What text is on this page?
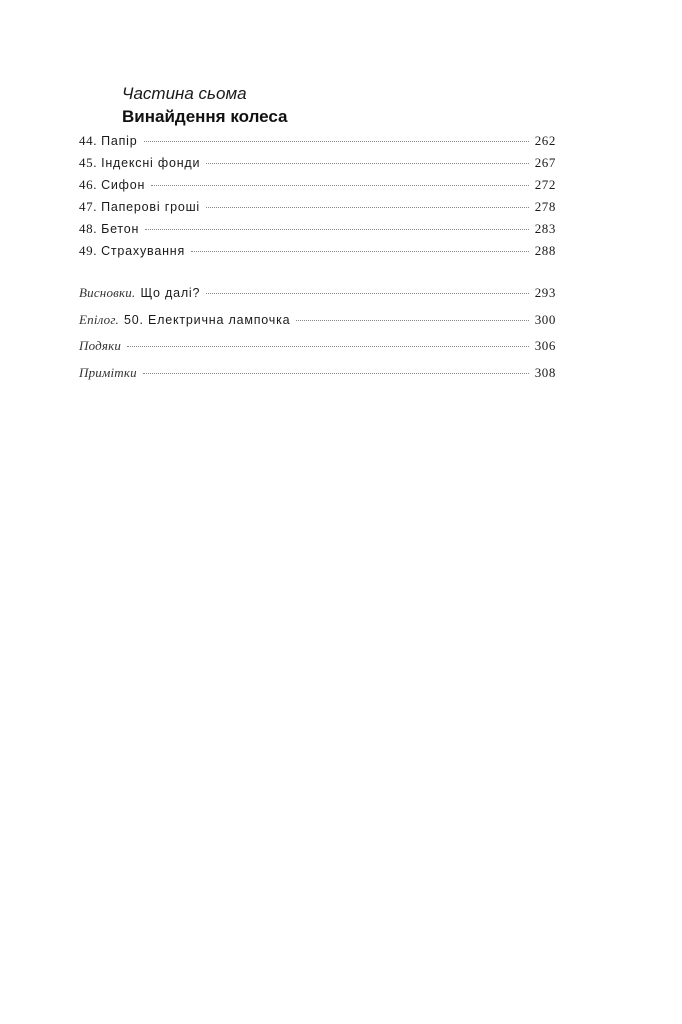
Частина сьома
Винайдення колеса
44. Папір	262
45. Індексні фонди	267
46. Сифон	272
47. Паперові гроші	278
48. Бетон	283
49. Страхування	288
Висновки. Що далі?	293
Епілог. 50. Електрична лампочка	300
Подяки	306
Примітки	308
